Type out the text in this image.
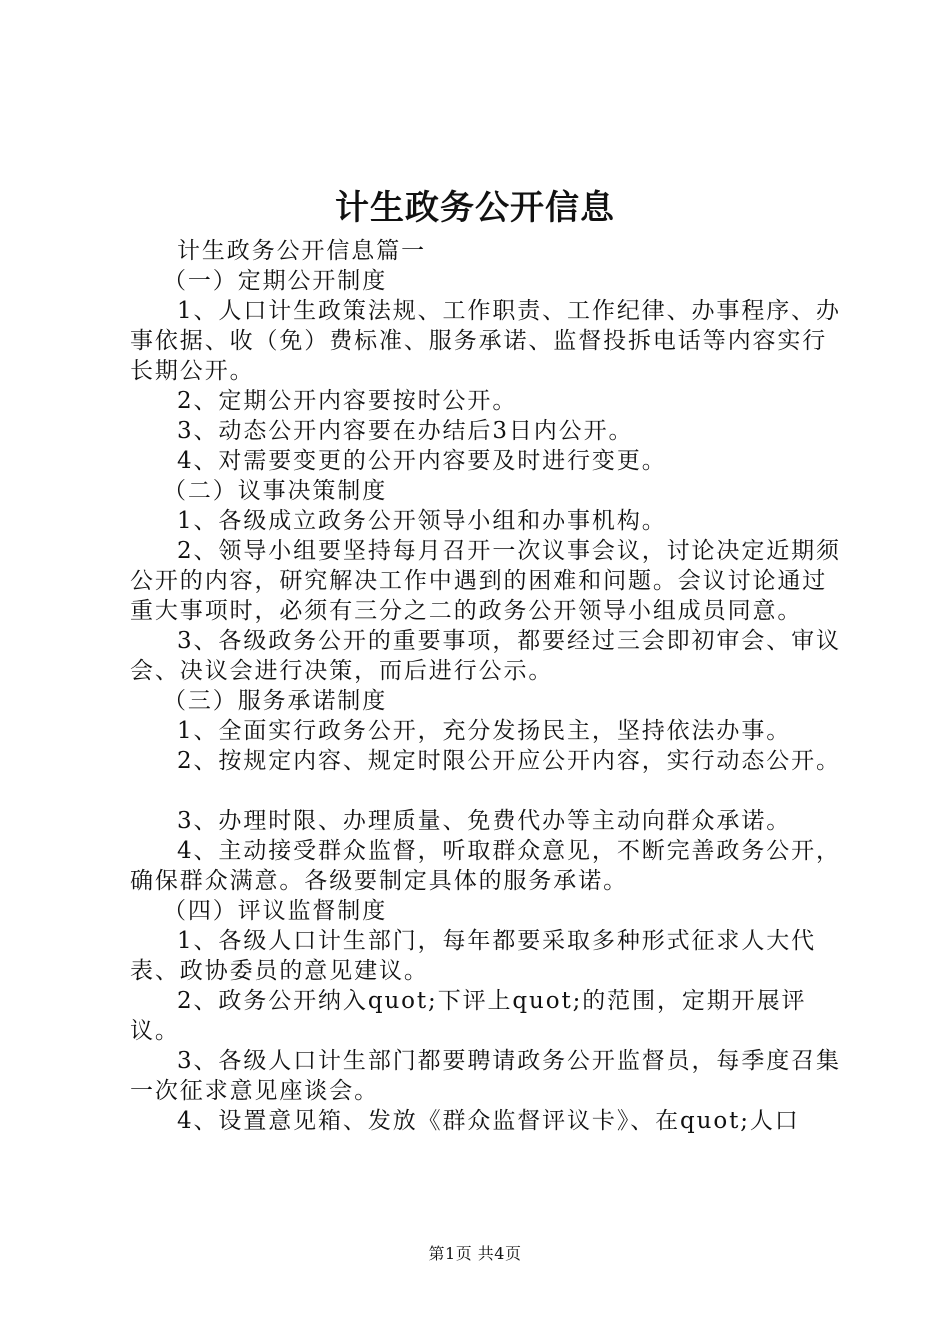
计生政务公开信息

计生政务公开信息篇一

（一）定期公开制度

1、人口计生政策法规、工作职责、工作纪律、办事程序、办事依据、收（免）费标准、服务承诺、监督投拆电话等内容实行长期公开。

2、定期公开内容要按时公开。

3、动态公开内容要在办结后3日内公开。

4、对需要变更的公开内容要及时进行变更。

（二）议事决策制度

1、各级成立政务公开领导小组和办事机构。

2、领导小组要坚持每月召开一次议事会议，讨论决定近期须公开的内容，研究解决工作中遇到的困难和问题。会议讨论通过重大事项时，必须有三分之二的政务公开领导小组成员同意。

3、各级政务公开的重要事项，都要经过三会即初审会、审议会、决议会进行决策，而后进行公示。

（三）服务承诺制度

1、全面实行政务公开，充分发扬民主，坚持依法办事。

2、按规定内容、规定时限公开应公开内容，实行动态公开。

3、办理时限、办理质量、免费代办等主动向群众承诺。

4、主动接受群众监督，听取群众意见，不断完善政务公开，确保群众满意。各级要制定具体的服务承诺。

（四）评议监督制度

1、各级人口计生部门，每年都要采取多种形式征求人大代表、政协委员的意见建议。

2、政务公开纳入quot;下评上quot;的范围，定期开展评议。

3、各级人口计生部门都要聘请政务公开监督员，每季度召集一次征求意见座谈会。

4、设置意见箱、发放《群众监督评议卡》、在quot;人口

第1页 共4页
